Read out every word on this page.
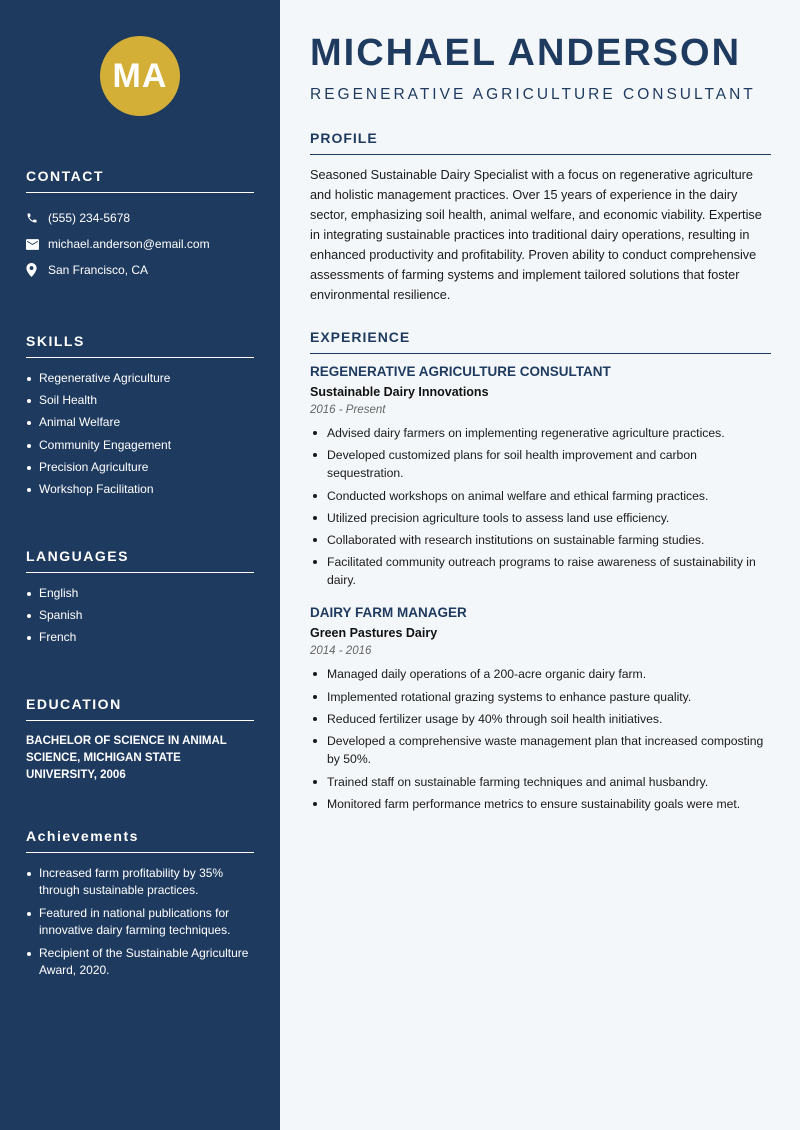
MA
CONTACT
(555) 234-5678
michael.anderson@email.com
San Francisco, CA
SKILLS
Regenerative Agriculture
Soil Health
Animal Welfare
Community Engagement
Precision Agriculture
Workshop Facilitation
LANGUAGES
English
Spanish
French
EDUCATION

BACHELOR OF SCIENCE IN ANIMAL SCIENCE, MICHIGAN STATE UNIVERSITY, 2006

Achievements
Increased farm profitability by 35% through sustainable practices.
Featured in national publications for innovative dairy farming techniques.
Recipient of the Sustainable Agriculture Award, 2020.
MICHAEL ANDERSON
REGENERATIVE AGRICULTURE CONSULTANT
PROFILE

Seasoned Sustainable Dairy Specialist with a focus on regenerative agriculture and holistic management practices. Over 15 years of experience in the dairy sector, emphasizing soil health, animal welfare, and economic viability. Expertise in integrating sustainable practices into traditional dairy operations, resulting in enhanced productivity and profitability. Proven ability to conduct comprehensive assessments of farming systems and implement tailored solutions that foster environmental resilience.

EXPERIENCE
REGENERATIVE AGRICULTURE CONSULTANT
Sustainable Dairy Innovations
2016 - Present
Advised dairy farmers on implementing regenerative agriculture practices.
Developed customized plans for soil health improvement and carbon sequestration.
Conducted workshops on animal welfare and ethical farming practices.
Utilized precision agriculture tools to assess land use efficiency.
Collaborated with research institutions on sustainable farming studies.
Facilitated community outreach programs to raise awareness of sustainability in dairy.
DAIRY FARM MANAGER
Green Pastures Dairy
2014 - 2016
Managed daily operations of a 200-acre organic dairy farm.
Implemented rotational grazing systems to enhance pasture quality.
Reduced fertilizer usage by 40% through soil health initiatives.
Developed a comprehensive waste management plan that increased composting by 50%.
Trained staff on sustainable farming techniques and animal husbandry.
Monitored farm performance metrics to ensure sustainability goals were met.
